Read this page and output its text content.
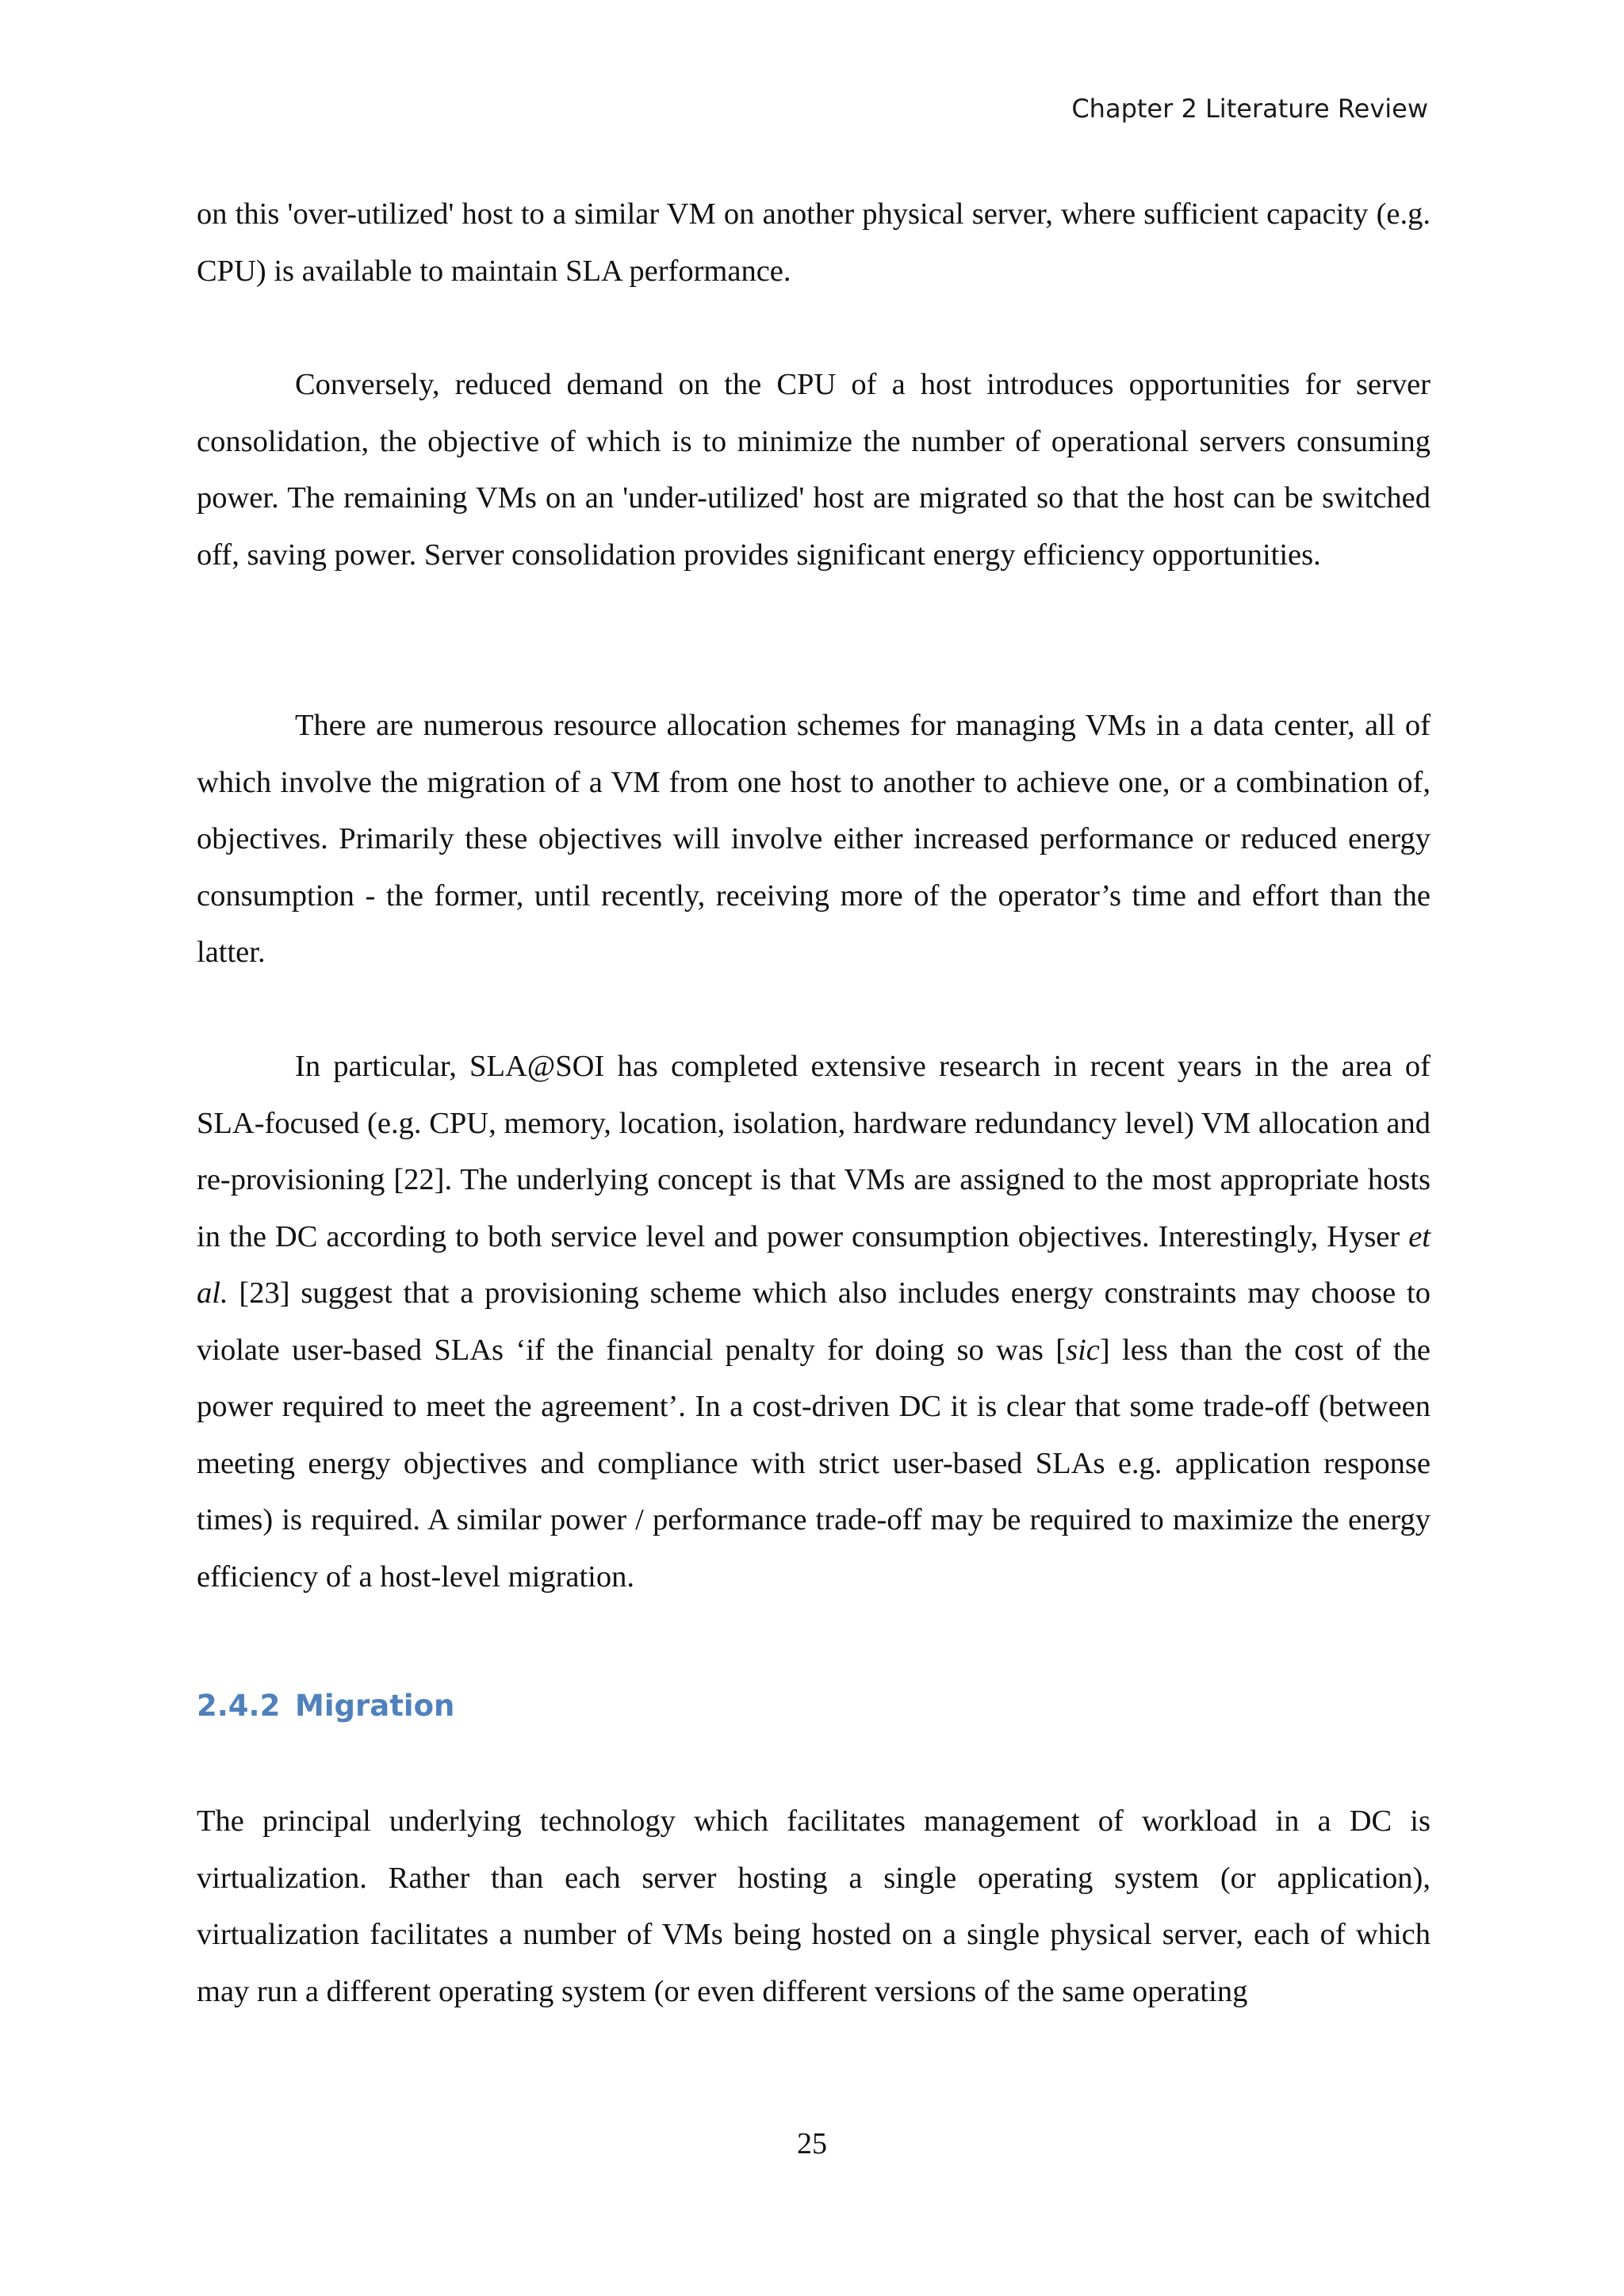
Chapter 2 Literature Review

on this 'over-utilized' host to a similar VM on another physical server, where sufficient capacity (e.g. CPU) is available to maintain SLA performance.

Conversely, reduced demand on the CPU of a host introduces opportunities for server consolidation, the objective of which is to minimize the number of operational servers consuming power. The remaining VMs on an 'under-utilized' host are migrated so that the host can be switched off, saving power. Server consolidation provides significant energy efficiency opportunities.

There are numerous resource allocation schemes for managing VMs in a data center, all of which involve the migration of a VM from one host to another to achieve one, or a combination of, objectives. Primarily these objectives will involve either increased performance or reduced energy consumption - the former, until recently, receiving more of the operator’s time and effort than the latter.

In particular, SLA@SOI has completed extensive research in recent years in the area of SLA-focused (e.g. CPU, memory, location, isolation, hardware redundancy level) VM allocation and re-provisioning [22]. The underlying concept is that VMs are assigned to the most appropriate hosts in the DC according to both service level and power consumption objectives. Interestingly, Hyser et al. [23] suggest that a provisioning scheme which also includes energy constraints may choose to violate user-based SLAs ‘if the financial penalty for doing so was [sic] less than the cost of the power required to meet the agreement’. In a cost-driven DC it is clear that some trade-off (between meeting energy objectives and compliance with strict user-based SLAs e.g. application response times) is required. A similar power / performance trade-off may be required to maximize the energy efficiency of a host-level migration.

2.4.2 Migration

The principal underlying technology which facilitates management of workload in a DC is virtualization. Rather than each server hosting a single operating system (or application), virtualization facilitates a number of VMs being hosted on a single physical server, each of which may run a different operating system (or even different versions of the same operating

25
